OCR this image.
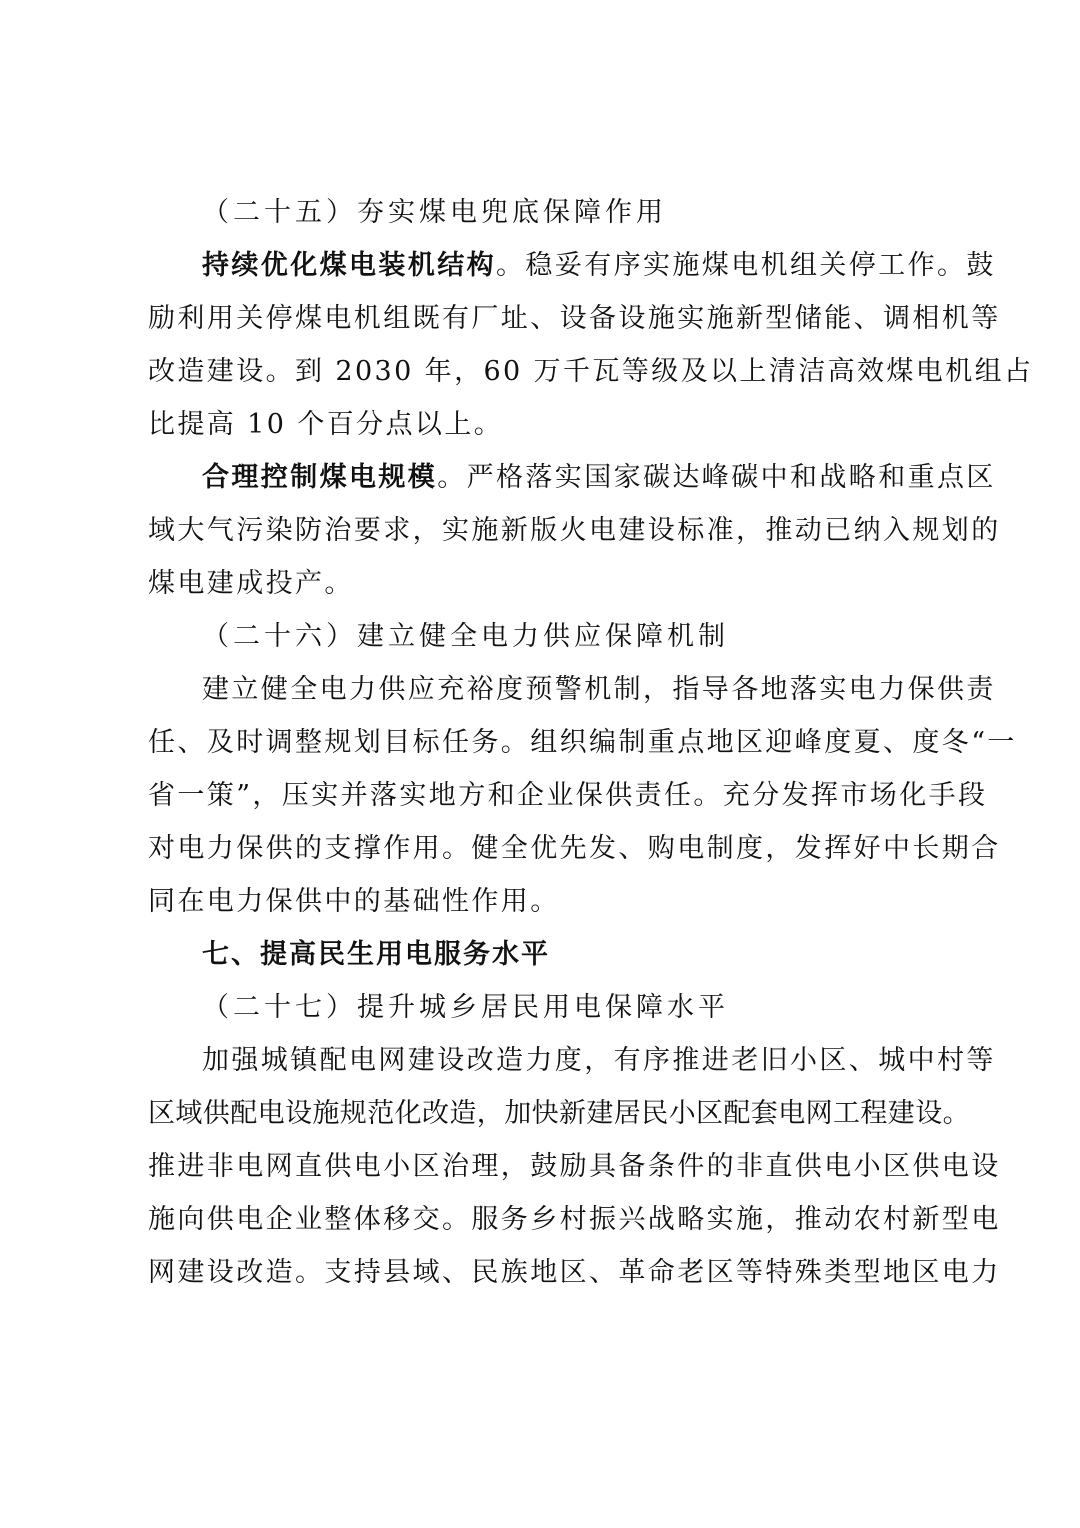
（二十五）夯实煤电兜底保障作用
持续优化煤电装机结构。稳妥有序实施煤电机组关停工作。鼓
励利用关停煤电机组既有厂址、设备设施实施新型储能、调相机等
改造建设。到 2030 年，60 万千瓦等级及以上清洁高效煤电机组占
比提高 10 个百分点以上。
合理控制煤电规模。严格落实国家碳达峰碳中和战略和重点区
域大气污染防治要求，实施新版火电建设标准，推动已纳入规划的
煤电建成投产。
（二十六）建立健全电力供应保障机制
建立健全电力供应充裕度预警机制，指导各地落实电力保供责
任、及时调整规划目标任务。组织编制重点地区迎峰度夏、度冬“一
省一策”，压实并落实地方和企业保供责任。充分发挥市场化手段
对电力保供的支撑作用。健全优先发、购电制度，发挥好中长期合
同在电力保供中的基础性作用。
七、提高民生用电服务水平
（二十七）提升城乡居民用电保障水平
加强城镇配电网建设改造力度，有序推进老旧小区、城中村等
区域供配电设施规范化改造，加快新建居民小区配套电网工程建设。
推进非电网直供电小区治理，鼓励具备条件的非直供电小区供电设
施向供电企业整体移交。服务乡村振兴战略实施，推动农村新型电
网建设改造。支持县域、民族地区、革命老区等特殊类型地区电力
